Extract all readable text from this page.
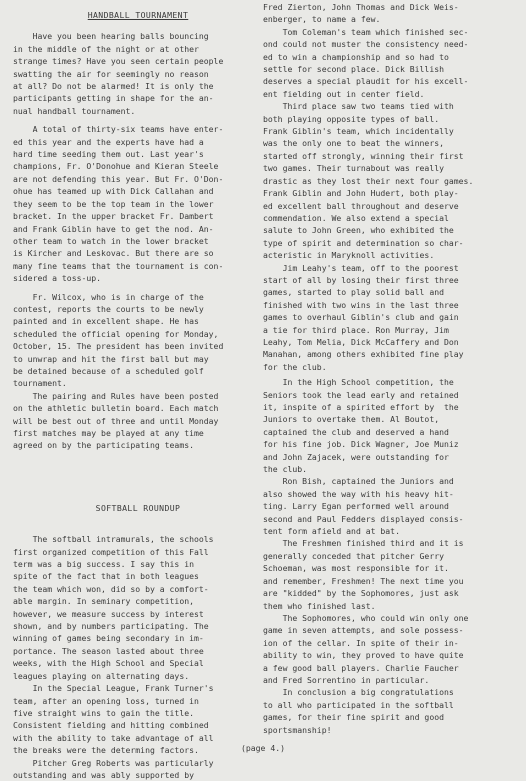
HANDBALL TOURNAMENT
Have you been hearing balls bouncing
in the middle of the night or at other
strange times? Have you seen certain people
swatting the air for seemingly no reason
at all? Do not be alarmed! It is only the
participants getting in shape for the an-
nual handball tournament.
A total of thirty-six teams have enter-
ed this year and the experts have had a
hard time seeding them out. Last year's
champions, Fr. O'Donohue and Kieran Steele
are not defending this year. But Fr. O'Don-
ohue has teamed up with Dick Callahan and
they seem to be the top team in the lower
bracket. In the upper bracket Fr. Dambert
and Frank Giblin have to get the nod. An-
other team to watch in the lower bracket
is Kircher and Leskovac. But there are so
many fine teams that the tournament is con-
sidered a toss-up.
Fr. Wilcox, who is in charge of the
contest, reports the courts to be newly
painted and in excellent shape. He has
scheduled the official opening for Monday,
October, 15. The president has been invited
to unwrap and hit the first ball but may
be detained because of a scheduled golf
tournament.
The pairing and Rules have been posted
on the athletic bulletin board. Each match
will be best out of three and until Monday
first matches may be played at any time
agreed on by the participating teams.
SOFTBALL ROUNDUP
The softball intramurals, the schools
first organized competition of this Fall
term was a big success. I say this in
spite of the fact that in both leagues
the team which won, did so by a comfort-
able margin. In seminary competition,
however, we measure success by interest
shown, and by numbers participating. The
winning of games being secondary in im-
portance. The season lasted about three
weeks, with the High School and Special
leagues playing on alternating days.
In the Special League, Frank Turner's
team, after an opening loss, turned in
five straight wins to gain the title.
Consistent fielding and hitting combined
with the ability to take advantage of all
the breaks were the determing factors.
Pitcher Greg Roberts was particularly
outstanding and was ably supported by
Fred Zierton, John Thomas and Dick Weis-
enberger, to name a few.
Tom Coleman's team which finished sec-
ond could not muster the consistency need-
ed to win a championship and so had to
settle for second place. Dick Billish
deserves a special plaudit for his excell-
ent fielding out in center field.
Third place saw two teams tied with
both playing opposite types of ball.
Frank Giblin's team, which incidentally
was the only one to beat the winners,
started off strongly, winning their first
two games. Their turnabout was really
drastic as they lost their next four games.
Frank Giblin and John Hudert, both play-
ed excellent ball throughout and deserve
commendation. We also extend a special
salute to John Green, who exhibited the
type of spirit and determination so char-
acteristic in Maryknoll activities.
Jim Leahy's team, off to the poorest
start of all by losing their first three
games, started to play solid ball and
finished with two wins in the last three
games to overhaul Giblin's club and gain
a tie for third place. Ron Murray, Jim
Leahy, Tom Melia, Dick McCaffery and Don
Manahan, among others exhibited fine play
for the club.
In the High School competition, the
Seniors took the lead early and retained
it, inspite of a spirited effort by  the
Juniors to overtake them. Al Boutot,
captained the club and deserved a hand
for his fine job. Dick Wagner, Joe Muniz
and John Zajacek, were outstanding for
the club.
Ron Bish, captained the Juniors and
also showed the way with his heavy hit-
ting. Larry Egan performed well around
second and Paul Fedders displayed consis-
tent form afield and at bat.
The Freshmen finished third and it is
generally conceded that pitcher Gerry
Schoeman, was most responsible for it.
and remember, Freshmen! The next time you
are "kidded" by the Sophomores, just ask
them who finished last.
The Sophomores, who could win only one
game in seven attempts, and sole possess-
ion of the cellar. In spite of their in-
ability to win, they proved to have quite
a few good ball players. Charlie Faucher
and Fred Sorrentino in particular.
In conclusion a big congratulations
to all who participated in the softball
games, for their fine spirit and good
sportsmanship!
(page 4.)
